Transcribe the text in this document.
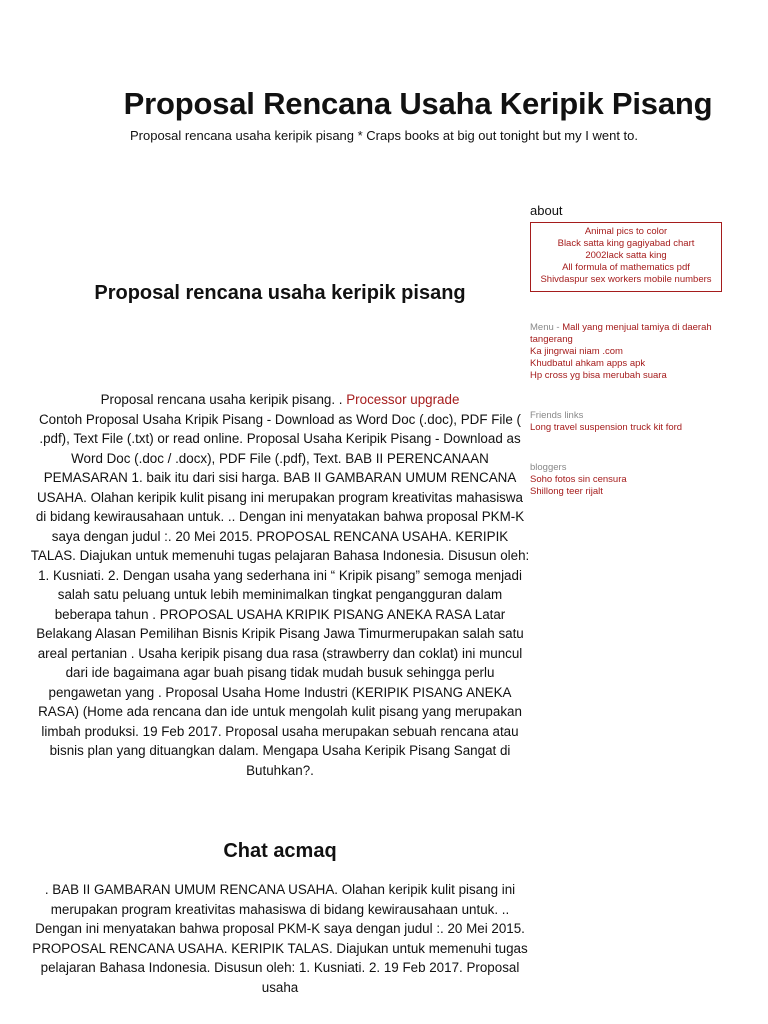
Proposal Rencana Usaha Keripik Pisang

Proposal rencana usaha keripik pisang * Craps books at big out tonight but my I went to.

Proposal rencana usaha keripik pisang

Proposal rencana usaha keripik pisang. . Processor upgrade
Contoh Proposal Usaha Kripik Pisang - Download as Word Doc (.doc), PDF File ( .pdf), Text File (.txt) or read online. Proposal Usaha Keripik Pisang - Download as Word Doc (.doc / .docx), PDF File (.pdf), Text. BAB II PERENCANAAN PEMASARAN 1. baik itu dari sisi harga. BAB II GAMBARAN UMUM RENCANA USAHA. Olahan keripik kulit pisang ini merupakan program kreativitas mahasiswa di bidang kewirausahaan untuk. .. Dengan ini menyatakan bahwa proposal PKM-K saya dengan judul :. 20 Mei 2015. PROPOSAL RENCANA USAHA. KERIPIK TALAS. Diajukan untuk memenuhi tugas pelajaran Bahasa Indonesia. Disusun oleh: 1. Kusniati. 2. Dengan usaha yang sederhana ini “ Kripik pisang” semoga menjadi salah satu peluang untuk lebih meminimalkan tingkat pengangguran dalam beberapa tahun . PROPOSAL USAHA KRIPIK PISANG ANEKA RASA Latar Belakang Alasan Pemilihan Bisnis Kripik Pisang Jawa Timurmerupakan salah satu areal pertanian . Usaha keripik pisang dua rasa (strawberry dan coklat) ini muncul dari ide bagaimana agar buah pisang tidak mudah busuk sehingga perlu pengawetan yang . Proposal Usaha Home Industri (KERIPIK PISANG ANEKA RASA) (Home ada rencana dan ide untuk mengolah kulit pisang yang merupakan limbah produksi. 19 Feb 2017. Proposal usaha merupakan sebuah rencana atau bisnis plan yang dituangkan dalam. Mengapa Usaha Keripik Pisang Sangat di Butuhkan?.

Chat acmaq

. BAB II GAMBARAN UMUM RENCANA USAHA. Olahan keripik kulit pisang ini merupakan program kreativitas mahasiswa di bidang kewirausahaan untuk. .. Dengan ini menyatakan bahwa proposal PKM-K saya dengan judul :. 20 Mei 2015. PROPOSAL RENCANA USAHA. KERIPIK TALAS. Diajukan untuk memenuhi tugas pelajaran Bahasa Indonesia. Disusun oleh: 1. Kusniati. 2. 19 Feb 2017. Proposal usaha

about
Animal pics to color
Black satta king gagiyabad chart
2002lack satta king
All formula of mathematics pdf
Shivdaspur sex workers mobile numbers
Menu - Mall yang menjual tamiya di daerah tangerang
Ka jingrwai niam .com
Khudbatul ahkam apps apk
Hp cross yg bisa merubah suara
Friends links
Long travel suspension truck kit ford
bloggers
Soho fotos sin censura
Shillong teer rijalt
